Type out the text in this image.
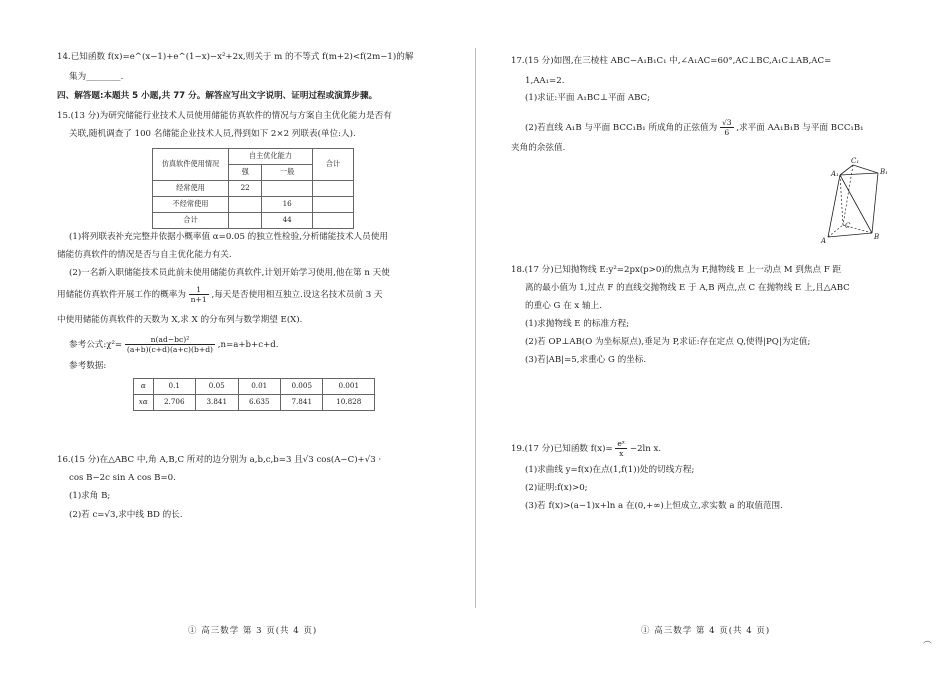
14.已知函数 f(x)=e^(x−1)+e^(1−x)−x²+2x,则关于 m 的不等式 f(m+2)<f(2m−1)的解
集为________.
四、解答题:本题共 5 小题,共 77 分。解答应写出文字说明、证明过程或演算步骤。
15.(13 分)为研究储能行业技术人员使用储能仿真软件的情况与方案自主优化能力是否有
关联,随机调查了 100 名储能企业技术人员,得到如下 2×2 列联表(单位:人).
仿真软件使用情况	自主优化能力		合计
	强	一般	
经常使用	22		
不经常使用		16	
合计		44	
(1)将列联表补充完整并依据小概率值 α=0.05 的独立性检验,分析储能技术人员使用
储能仿真软件的情况是否与自主优化能力有关.
(2)一名新入职储能技术员此前未使用储能仿真软件,计划开始学习使用,他在第 n 天使
用储能仿真软件开展工作的概率为 $\frac{1}{n+1}$ ,每天是否使用相互独立.设这名技术员前 3 天
中使用储能仿真软件的天数为 X,求 X 的分布列与数学期望 E(X).
参考公式:χ²= $\frac{\text{n(ad−bc)²}}{(a+b)(c+d)(a+c)(b+d)} ,n=a+b+c+d$.
参考数据:
α	0.1	0.05	0.01	0.005	0.001
xα	2.706	3.841	6.635	7.841	10.828
16.(15 分)在△ABC 中,角 A,B,C 所对的边分别为 a,b,c,b=3 且√3 cos(A−C)+√3 ·
cos B−2c sin A cos B=0.
(1)求角 B;
(2)若 c=√3,求中线 BD 的长.
① 高三数学 第 3 页(共 4 页)
17.(15 分)如图,在三棱柱 ABC−A₁B₁C₁ 中,∠A₁AC=60°,AC⊥BC,A₁C⊥AB,AC=
1,AA₁=2.
(1)求证:平面 A₁BC⊥平面 ABC;
(2)若直线 A₁B 与平面 BCC₁B₁ 所成角的正弦值为 $\frac{√3}{6}$ ,求平面 AA₁B₁B 与平面 BCC₁B₁
夹角的余弦值.
A₁
C₁
B₁
A
C
B
18.(17 分)已知抛物线 E:y²=2px(p>0)的焦点为 F,抛物线 E 上一动点 M 到焦点 F 距
离的最小值为 1,过点 F 的直线交抛物线 E 于 A,B 两点,点 C 在抛物线 E 上,且△ABC
的重心 G 在 x 轴上.
(1)求抛物线 E 的标准方程;
(2)若 OP⊥AB(O 为坐标原点),垂足为 P,求证:存在定点 Q,使得|PQ|为定值;
(3)若|AB|=5,求重心 G 的坐标.
19.(17 分)已知函数 $f(x)= \frac{\text{eˣ}}{x} -2\ln$ x.
(1)求曲线 y=f(x)在点(1,f(1))处的切线方程;
(2)证明:f(x)>0;
(3)若 f(x)>(a−1)x+ln a 在(0,+∞)上恒成立,求实数 a 的取值范围.
① 高三数学 第 4 页(共 4 页)
︵
